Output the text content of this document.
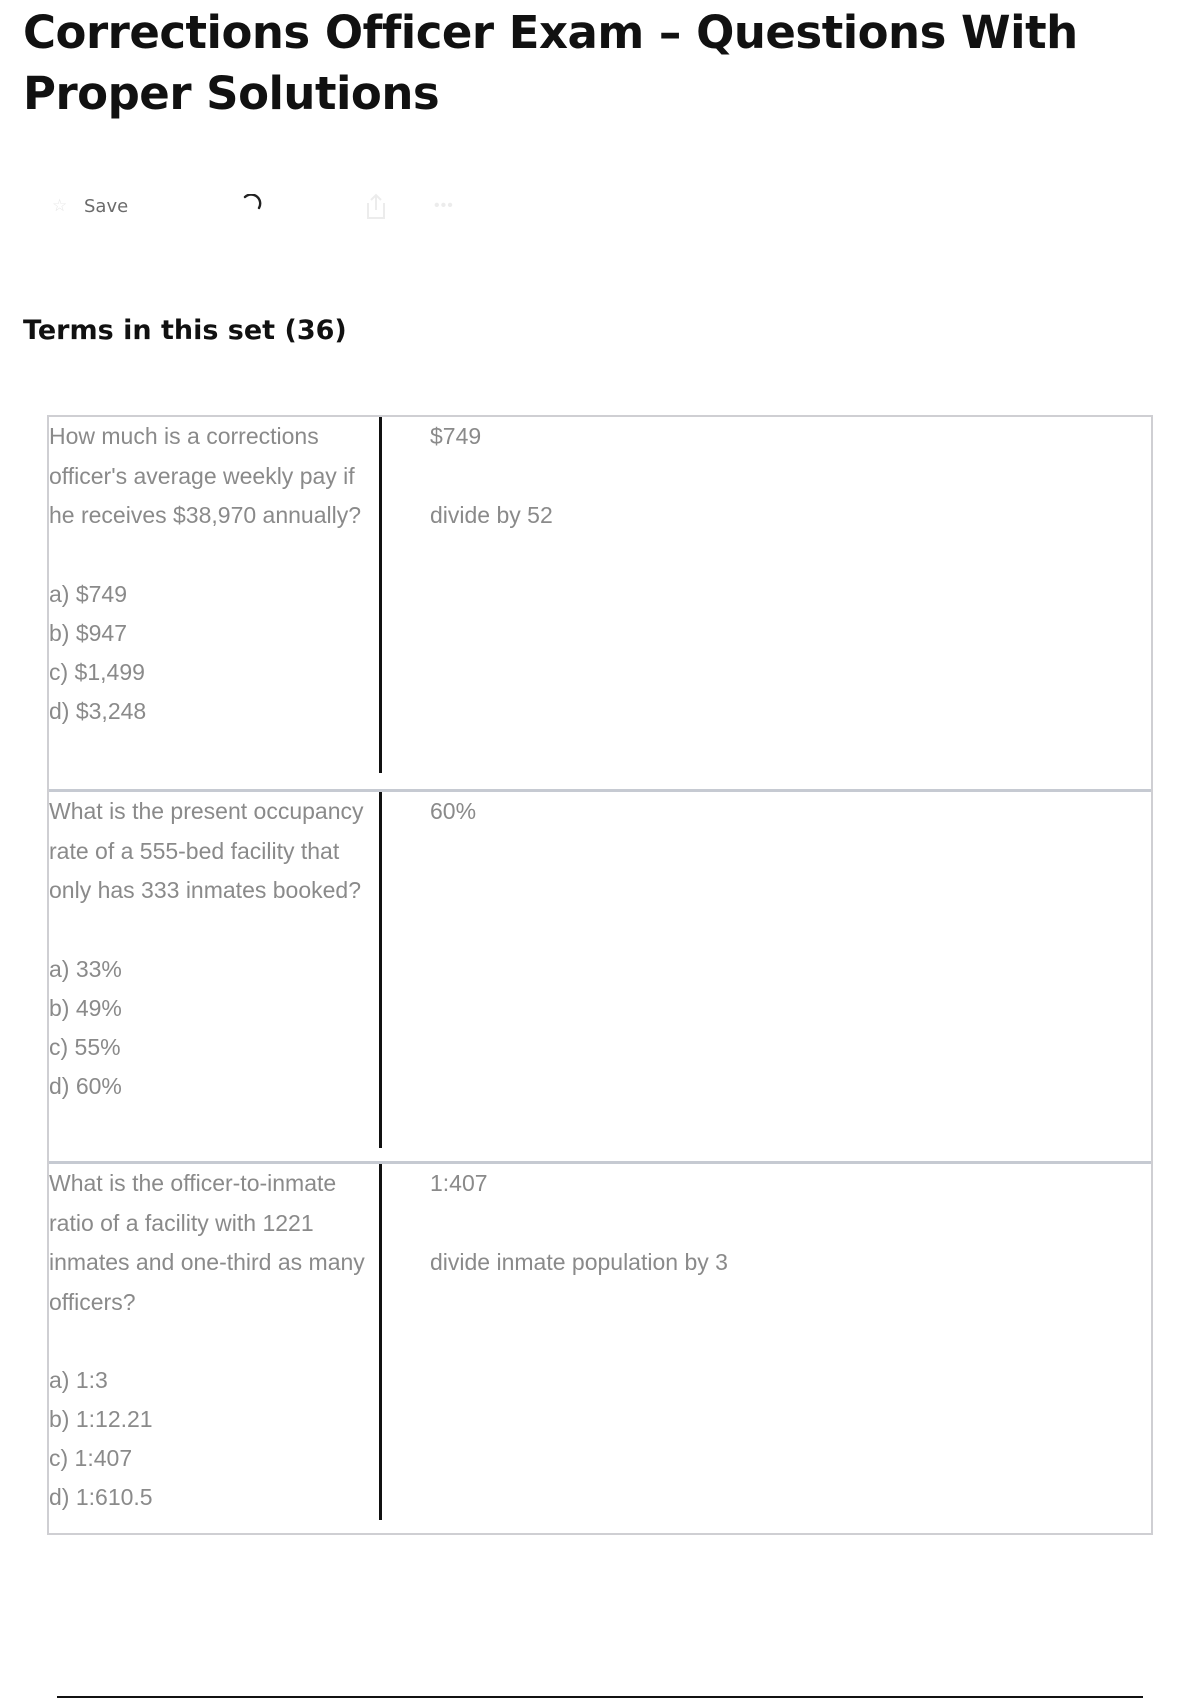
Corrections Officer Exam – Questions With Proper Solutions
☆ Save	•••
Terms in this set (36)
How much is a corrections officer's average weekly pay if he receives $38,970 annually?
a) $749
b) $947
c) $1,499
d) $3,248
$749
divide by 52
What is the present occupancy rate of a 555-bed facility that only has 333 inmates booked?
a) 33%
b) 49%
c) 55%
d) 60%
60%
What is the officer-to-inmate ratio of a facility with 1221 inmates and one-third as many officers?
a) 1:3
b) 1:12.21
c) 1:407
d) 1:610.5
1:407
divide inmate population by 3
